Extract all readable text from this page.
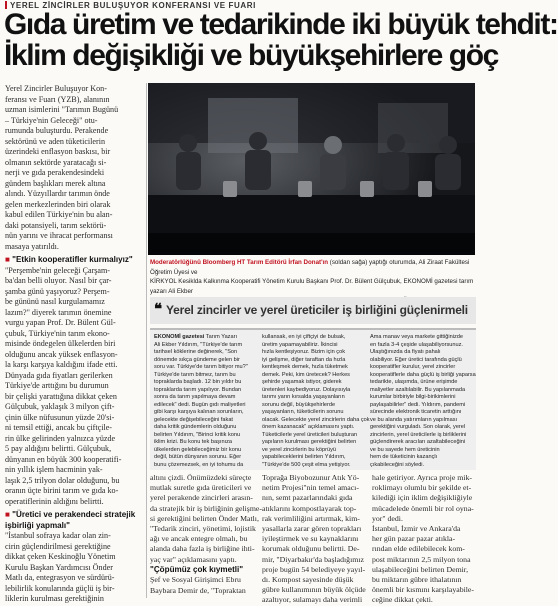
YEREL ZİNCİRLER BULUŞUYOR KONFERANSI VE FUARI
Gıda üretim ve tedarikinde iki büyük tehdit:
İklim değişikliği ve büyükşehirlere göç

Moderatörlüğünü Bloomberg HT Tarım Editörü İrfan Donat'ın (soldan sağa) yaptığı oturumda, Ali Ziraat Fakültesi Öğretim Üyesi ve

KİRKYOL Kesiklda Kalkınma Kooperatifi Yönetim Kurulu Başkanı Prof. Dr. Bülent Gülçubuk, EKONOMİ gazetesi tarım yazarı Ali Ekber

❝ Yerel zincirler ve yerel üreticiler iş birliğini güçlenirmeli

Yerel Zincirler Buluşuyor Kon-

feransı ve Fuarı (YZB), alanının

uzman isimlerini "Tarımın Bugünü

– Türkiye'nin Geleceği" otu-

rumunda buluşturdu. Perakende

sektörünü ve aden tüketicilerin

üzerindeki enflasyon baskısı, bir

olmanın sektörde yaratacağı si-

nerji ve gıda perakendesindeki

gündem başlıkları merek altına

alındı. Yüzyıllardır tarımın önde

gelen merkezlerinden biri olarak

kabul edilen Türkiye'nin bu alan-

daki potansiyeli, tarım sektörü-

nün yarını ve ihracat performansı

masaya yatırıldı.

■ "Etkin kooperatifler kurmalıyız"

"Perşembe'nin geleceği Çarşam-

ba'dan belli oluyor. Nasıl bir çar-

şamba günü yaşıyoruz? Perşem-

be gününü nasıl kurgulamamız

lazım?" diyerek tarımın önemine

vurgu yapan Prof. Dr. Bülent Gül-

çubuk, Türkiye'nin tarım ekono-

misinde öndegelen ülkelerden biri

olduğunu ancak yüksek enflasyon-

la karşı karşıya kaldığını ifade etti.

Dünyada gıda fiyatları gerilerken

Türkiye'de arttığını bu durumun

bir çelişki yarattığına dikkat çeken

Gülçubuk, yaklaşık 3 milyon çift-

çinin ülke nüfusunun yüzde 20'si-

ni temsil ettiği, ancak bu çiftçile-

rin ülke gelirinden yalnızca yüzde

5 pay aldığını belirtti. Gülçubuk,

dünyanın en büyük 300 kooperatifi-

nin yıllık işlem hacminin yak-

laşık 2,5 trilyon dolar olduğunu, bu

oranın üçte birini tarım ve gıda ko-

operatiflerinin aldığını belirtti.

■ "Üretici ve perakendeci stratejik işbirliği yapmalı"

"İstanbul sofraya kadar olan zin-

cirin güçlendirilmesi gerektiğine

dikkat çeken Keskinoğlu Yönetim

Kurulu Başkan Yardımcısı Önder

Matlı da, entegrasyon ve sürdürü-

lebilirlik konularında güçlü iş bir-

liklerin kurulması gerektiğinin

EKONOMİ gazetesi Tarım Yazarı

Ali Ekber Yıldırım, "Türkiye'de tarım

tarihsel köklerine değinerek, "Son

dönemde sıkça gündeme gelen bir

soru var. Türkiye'de tarım bitiyor mu?"

Türkiye'de tarım bitmez, tarım bu

topraklarda başladı. 12 bin yıldır bu

topraklarda tarım yapılıyor. Bundan

sonra da tarım yapılmaya devam

edilecek" dedi. Bugün gıdı maliyetleri

gibi karşı karşıya kalınan sorunların,

gelecekte değişebileceğini fakat

daha kritik gündemlerin olduğunu

belirten Yıldırım, "Birinci kritik konu

iklim krizi. Bu konu tek başınıza

ülkelerden gelebileceğimiz bir konu

değil, bütün dünyanın sorunu. Eğer

bunu çözemezsek, en iyi tohumu da

kullansak, en iyi çiftçiyi de bulsak,

üretim yapamayabiliriz. İkincisi

hızla kentleşiyoruz. Bizim için çok

iyi gelişme, diğer taraftan da hızla

kentleşmek demek, hızla tüketmek

demek. Peki, kim üretecek? Herkes

şehirde yaşamak istiyor, giderek

üretenleri kaybediyoruz. Dolayısıyla

tarımı yarın kırsalda yaşayanların

sorunu değil, büyükşehirlerde

yaşayanların, tüketicilerin sorunu

olacak. Gelecekte yerel zincirlerin daha çok

önem kazanacak" açıklamasını yaptı.

Tüketicilerle yerel üreticileri buluşturan

yapıların kurulması gerektiğini belirten

ve yerel zincirlerin bu köprüyü

yapabileceklerini belirten Yıldırım,

"Türkiye'de 500 çeşit elma yetişiyor.

Ama manav veya markete gittiğinizde

en fazla 3-4 çeşide ulaşabiliyorsunuz.

Ulaştığınızda da fiyatı pahalı

olabiliyor. Eğer üretici tarafında güçlü

kooperatifler kurulur, yerel zincirler

kooperatiflerle daha güçlü iş birliği yaparsa

tedarikte, ulaşımda, ürüne erişimde

maliyetler azaltılabilir. Bu yapılanmada

kurumlar birbiriyle bilgi-birikimlerini

paylaşabilirler" dedi. Yıldırım, pandemi

sürecinde elektronik ticaretin arttığını

ve bu alanda yatırımların yapılması

gerektiğini vurguladı. Son olarak, yerel

zincirlerin, yerel üreticilerle iş birliklerini

güçlendirerek aracıları azaltabileceğini

ve bu sayede hem üreticinin

hem de tüketicinin kazançlı

çıkabileceğini söyledi.

altını çizdi. Önümüzdeki süreçte

mutlak suretle gıda üreticileri ve

yerel perakende zincirleri arasın-

da stratejik bir iş birliğinin gelişme-

si gerektiğini belirten Önder Matlı,

"Tedarik zinciri, yönetimi, lojistik

ağı ve ancak entegre olmalı, bu

alanda daha fazla iş birliğine ihti-

yaç var" açıklamasını yaptı.

"Çöpümüz çok kıymetli"

Şef ve Sosyal Girişimci Ebru

Baybara Demir de, "Topraktan

Toprağa Biyobozunur Atık Yö-

netim Projesi"nin temel amacı-

nın, semt pazarlarındaki gıda

atıklarını kompostlayarak top-

rak verimliliğini artırmak, kim-

yasallarla zarar gören toprakları

iyileştirmek ve su kaynaklarını

korumak olduğunu belirtti. De-

mir, "Diyarbakır'da başladığımız

proje bugün 54 belediyeye yayıl-

dı. Kompost sayesinde düşük

gübre kullanımının büyük ölçüde

azaltıyor, sulamayı daha verimli

hale getiriyor. Ayrıca proje mik-

roklimayı olumlu bir şekilde et-

kilediği için iklim değişikliğiyle

mücadelede önemli bir rol oyna-

yor" dedi.

İstanbul, İzmir ve Ankara'da

her gün pazar pazar atıkla-

rından elde edilebilecek kom-

post miktarının 2,5 milyon tona

ulaşabileceğini belirten Demir,

bu miktarın gübre ithalatının

önemli bir kısmını karşılayabile-

ceğine dikkat çekti.
